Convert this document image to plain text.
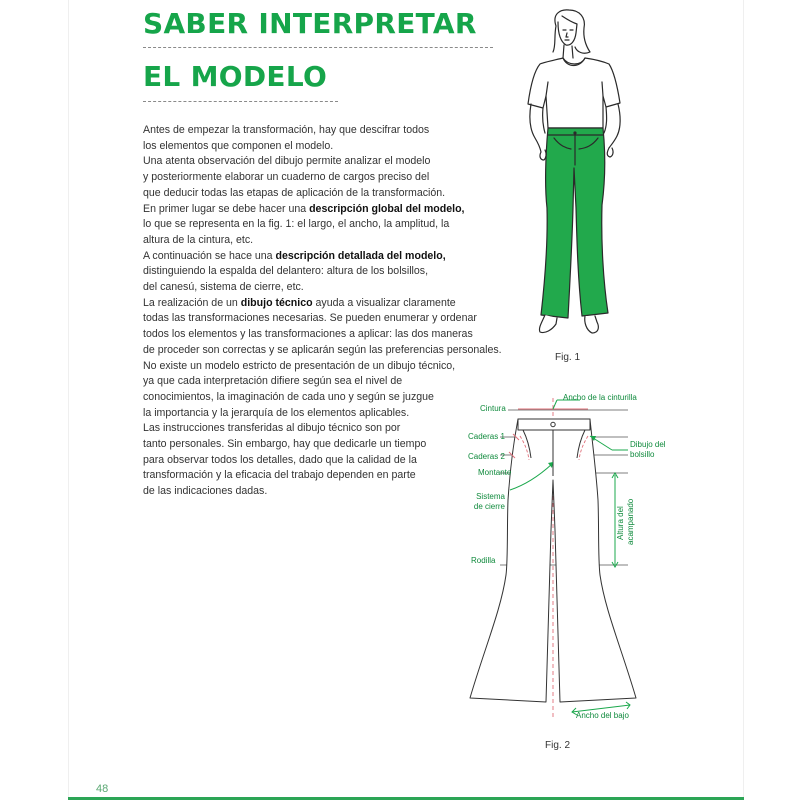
SABER INTERPRETAR
EL MODELO
Antes de empezar la transformación, hay que descifrar todos
los elementos que componen el modelo.
Una atenta observación del dibujo permite analizar el modelo
y posteriormente elaborar un cuaderno de cargos preciso del
que deducir todas las etapas de aplicación de la transformación.
En primer lugar se debe hacer una descripción global del modelo,
lo que se representa en la fig. 1: el largo, el ancho, la amplitud, la
altura de la cintura, etc.
A continuación se hace una descripción detallada del modelo,
distinguiendo la espalda del delantero: altura de los bolsillos,
del canesú, sistema de cierre, etc.
La realización de un dibujo técnico ayuda a visualizar claramente
todas las transformaciones necesarias. Se pueden enumerar y ordenar
todos los elementos y las transformaciones a aplicar: las dos maneras
de proceder son correctas y se aplicarán según las preferencias personales.
No existe un modelo estricto de presentación de un dibujo técnico,
ya que cada interpretación difiere según sea el nivel de
conocimientos, la imaginación de cada uno y según se juzgue
la importancia y la jerarquía de los elementos aplicables.
Las instrucciones transferidas al dibujo técnico son por
tanto personales. Sin embargo, hay que dedicarle un tiempo
para observar todos los detalles, dado que la calidad de la
transformación y la eficacia del trabajo dependen en parte
de las indicaciones dadas.
Fig. 1
Fig. 2
Ancho de la cinturilla
Cintura
Caderas 1
Caderas 2
Montante
Sistema
de cierre
Dibujo del
bolsillo
Altura del acampanado
Rodilla
Ancho del bajo
48
